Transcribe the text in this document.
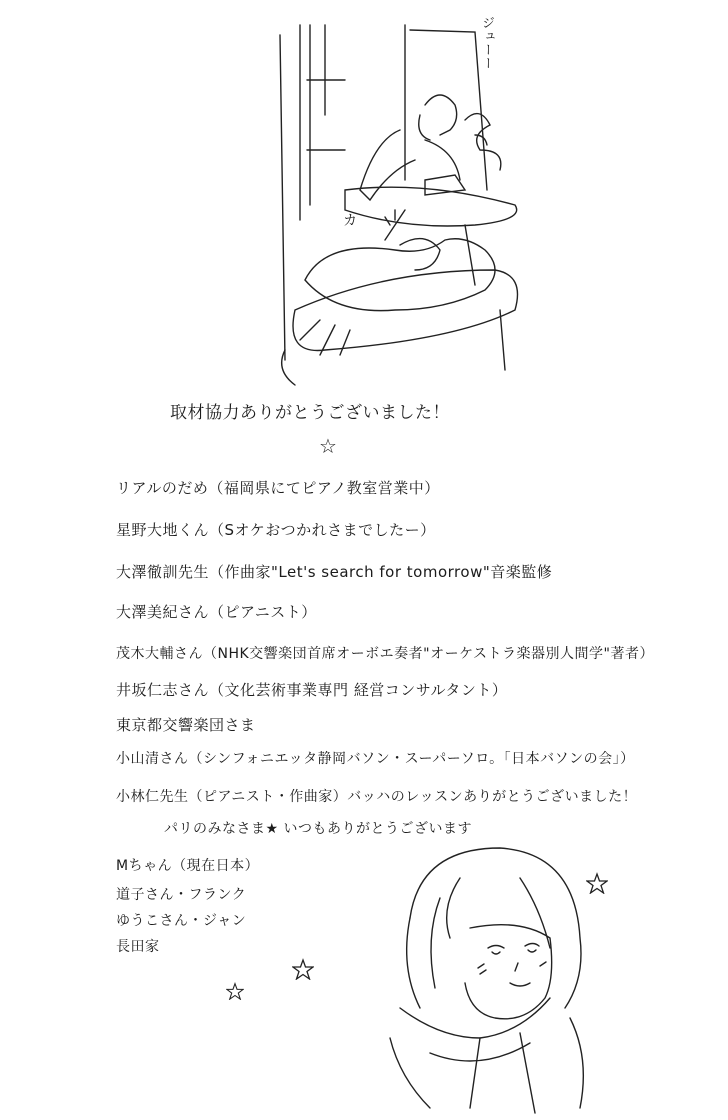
ジューー
カ
取材協力ありがとうございました！
☆
リアルのだめ（福岡県にてピアノ教室営業中）
星野大地くん（Sオケおつかれさまでしたー）
大澤徹訓先生（作曲家"Let's search for tomorrow"音楽監修
大澤美紀さん（ピアニスト）
茂木大輔さん（NHK交響楽団首席オーボエ奏者"オーケストラ楽器別人間学"著者）
井坂仁志さん（文化芸術事業専門 経営コンサルタント）
東京都交響楽団さま
小山清さん（シンフォニエッタ静岡バソン・スーパーソロ。「日本バソンの会」）
小林仁先生（ピアニスト・作曲家）バッハのレッスンありがとうございました！
パリのみなさま★ いつもありがとうございます
Mちゃん（現在日本）
道子さん・フランク
ゆうこさん・ジャン
長田家
